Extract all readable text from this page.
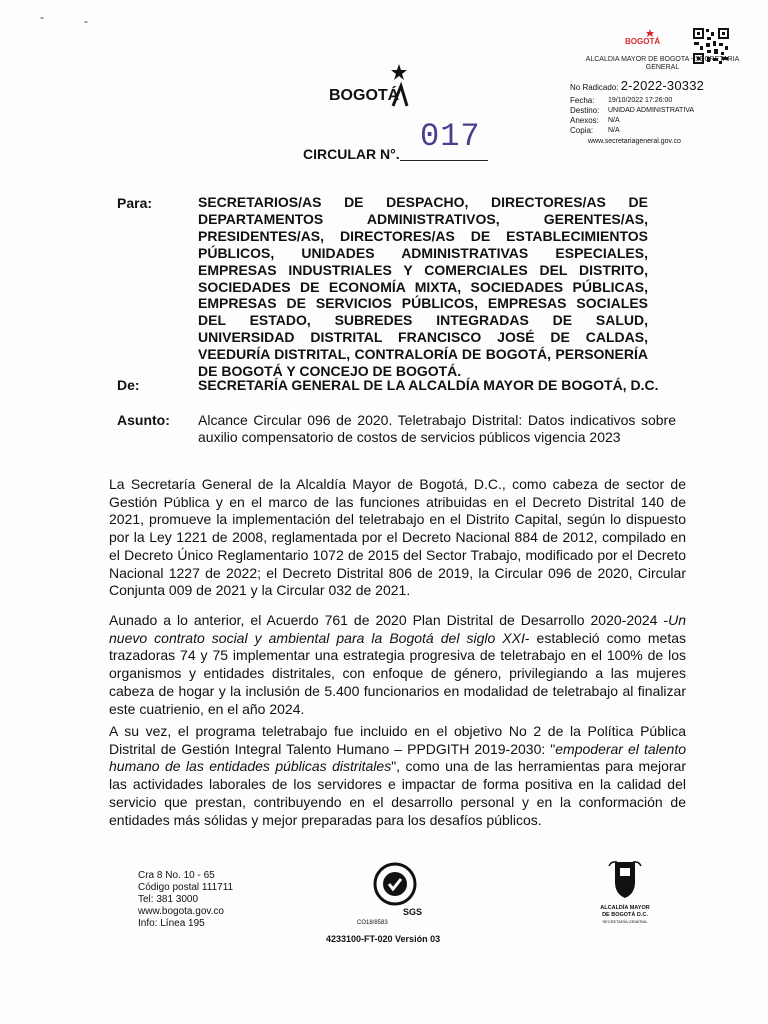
-	-
BOGOTÁ
BOGOTÁ
ALCALDIA MAYOR DE BOGOTA - SECRETARIA GENERAL
No Radicado: 2-2022-30332
Fecha:	19/10/2022 17:26:00
Destino:	UNIDAD ADMINISTRATIVA
Anexos:	N/A
Copia:	N/A
www.secretariageneral.gov.co
CIRCULAR N°. 017
Para:	SECRETARIOS/AS DE DESPACHO, DIRECTORES/AS DE DEPARTAMENTOS ADMINISTRATIVOS, GERENTES/AS, PRESIDENTES/AS, DIRECTORES/AS DE ESTABLECIMIENTOS PÚBLICOS, UNIDADES ADMINISTRATIVAS ESPECIALES, EMPRESAS INDUSTRIALES Y COMERCIALES DEL DISTRITO, SOCIEDADES DE ECONOMÍA MIXTA, SOCIEDADES PÚBLICAS, EMPRESAS DE SERVICIOS PÚBLICOS, EMPRESAS SOCIALES DEL ESTADO, SUBREDES INTEGRADAS DE SALUD, UNIVERSIDAD DISTRITAL FRANCISCO JOSÉ DE CALDAS, VEEDURÍA DISTRITAL, CONTRALORÍA DE BOGOTÁ, PERSONERÍA DE BOGOTÁ Y CONCEJO DE BOGOTÁ.
De:	SECRETARÍA GENERAL DE LA ALCALDÍA MAYOR DE BOGOTÁ, D.C.
Asunto: Alcance Circular 096 de 2020. Teletrabajo Distrital: Datos indicativos sobre auxilio compensatorio de costos de servicios públicos vigencia 2023
La Secretaría General de la Alcaldía Mayor de Bogotá, D.C., como cabeza de sector de Gestión Pública y en el marco de las funciones atribuidas en el Decreto Distrital 140 de 2021, promueve la implementación del teletrabajo en el Distrito Capital, según lo dispuesto por la Ley 1221 de 2008, reglamentada por el Decreto Nacional 884 de 2012, compilado en el Decreto Único Reglamentario 1072 de 2015 del Sector Trabajo, modificado por el Decreto Nacional 1227 de 2022; el Decreto Distrital 806 de 2019, la Circular 096 de 2020, Circular Conjunta 009 de 2021 y la Circular 032 de 2021.
Aunado a lo anterior, el Acuerdo 761 de 2020 Plan Distrital de Desarrollo 2020-2024 -Un nuevo contrato social y ambiental para la Bogotá del siglo XXI- estableció como metas trazadoras 74 y 75 implementar una estrategia progresiva de teletrabajo en el 100% de los organismos y entidades distritales, con enfoque de género, privilegiando a las mujeres cabeza de hogar y la inclusión de 5.400 funcionarios en modalidad de teletrabajo al finalizar este cuatrienio, en el año 2024.
A su vez, el programa teletrabajo fue incluido en el objetivo No 2 de la Política Pública Distrital de Gestión Integral Talento Humano – PPDGITH 2019-2030: "empoderar el talento humano de las entidades públicas distritales", como una de las herramientas para mejorar las actividades laborales de los servidores e impactar de forma positiva en la calidad del servicio que prestan, contribuyendo en el desarrollo personal y en la conformación de entidades más sólidas y mejor preparadas para los desafíos públicos.
Cra 8 No. 10 - 65
Código postal 111711
Tel: 381 3000
www.bogota.gov.co
Info: Línea 195
SGS
CO18/8583
ALCALDÍA MAYOR
DE BOGOTÁ D.C.
SECRETARÍA GENERAL
4233100-FT-020 Versión 03
